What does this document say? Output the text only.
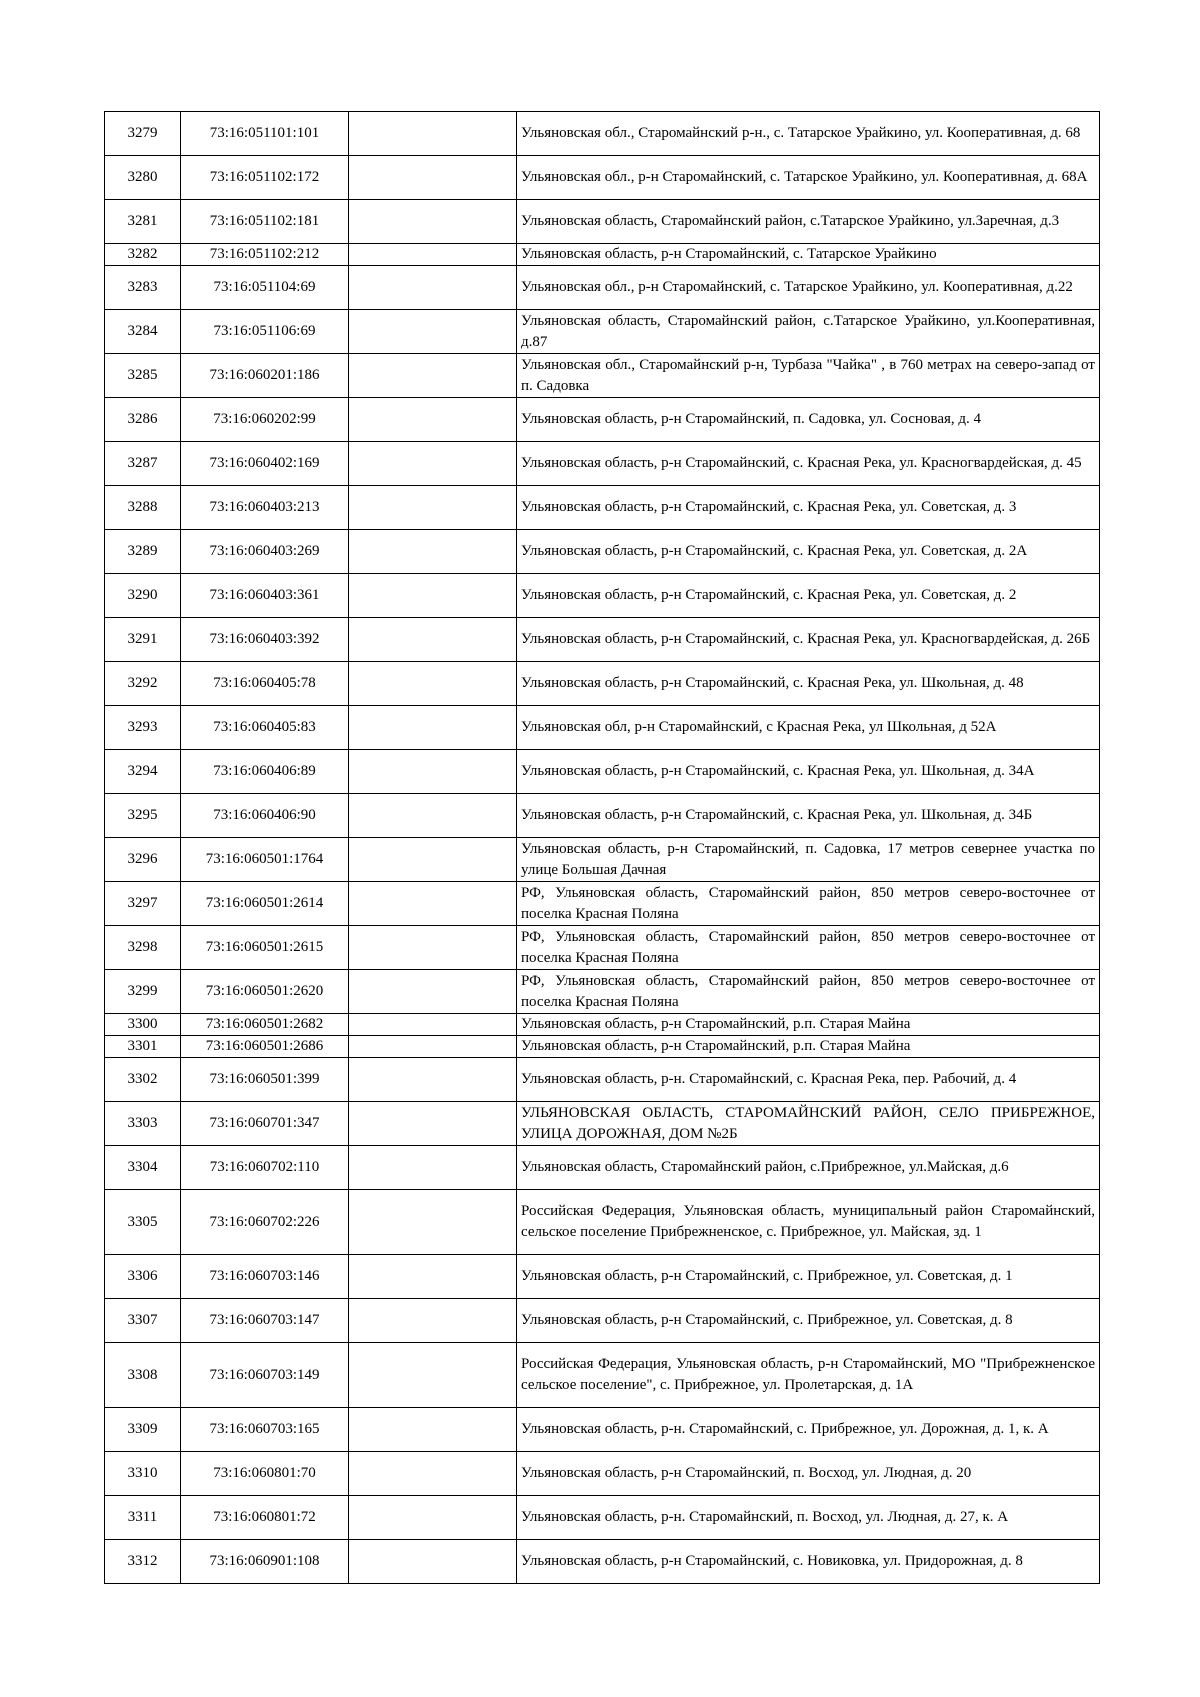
3279	73:16:051101:101		Ульяновская обл., Старомайнский р-н., с. Татарское Урайкино, ул. Кооперативная, д. 68
3280	73:16:051102:172		Ульяновская обл., р-н Старомайнский, с. Татарское Урайкино, ул. Кооперативная, д. 68А
3281	73:16:051102:181		Ульяновская область, Старомайнский район, с.Татарское Урайкино, ул.Заречная, д.3
3282	73:16:051102:212		Ульяновская область, р-н Старомайнский, с. Татарское Урайкино
3283	73:16:051104:69		Ульяновская обл., р-н Старомайнский, с. Татарское Урайкино, ул. Кооперативная, д.22
3284	73:16:051106:69		Ульяновская область, Старомайнский район, с.Татарское Урайкино, ул.Кооперативная, д.87
3285	73:16:060201:186		Ульяновская обл., Старомайнский р-н, Турбаза "Чайка" , в 760 метрах на северо-запад от п. Садовка
3286	73:16:060202:99		Ульяновская область, р-н Старомайнский, п. Садовка, ул. Сосновая, д. 4
3287	73:16:060402:169		Ульяновская область, р-н Старомайнский, с. Красная Река, ул. Красногвардейская, д. 45
3288	73:16:060403:213		Ульяновская область, р-н Старомайнский, с. Красная Река, ул. Советская, д. 3
3289	73:16:060403:269		Ульяновская область, р-н Старомайнский, с. Красная Река, ул. Советская, д. 2А
3290	73:16:060403:361		Ульяновская область, р-н Старомайнский, с. Красная Река, ул. Советская, д. 2
3291	73:16:060403:392		Ульяновская область, р-н Старомайнский, с. Красная Река, ул. Красногвардейская, д. 26Б
3292	73:16:060405:78		Ульяновская область, р-н Старомайнский, с. Красная Река, ул. Школьная, д. 48
3293	73:16:060405:83		Ульяновская обл, р-н Старомайнский, с Красная Река, ул Школьная, д 52А
3294	73:16:060406:89		Ульяновская область, р-н Старомайнский, с. Красная Река, ул. Школьная, д. 34А
3295	73:16:060406:90		Ульяновская область, р-н Старомайнский, с. Красная Река, ул. Школьная, д. 34Б
3296	73:16:060501:1764		Ульяновская область, р-н Старомайнский, п. Садовка, 17 метров севернее участка по улице Большая Дачная
3297	73:16:060501:2614		РФ, Ульяновская область, Старомайнский район, 850 метров северо-восточнее от поселка Красная Поляна
3298	73:16:060501:2615		РФ, Ульяновская область, Старомайнский район, 850 метров северо-восточнее от поселка Красная Поляна
3299	73:16:060501:2620		РФ, Ульяновская область, Старомайнский район, 850 метров северо-восточнее от поселка Красная Поляна
3300	73:16:060501:2682		Ульяновская область, р-н Старомайнский, р.п. Старая Майна
3301	73:16:060501:2686		Ульяновская область, р-н Старомайнский, р.п. Старая Майна
3302	73:16:060501:399		Ульяновская область, р-н. Старомайнский, с. Красная Река, пер. Рабочий, д. 4
3303	73:16:060701:347		УЛЬЯНОВСКАЯ ОБЛАСТЬ, СТАРОМАЙНСКИЙ РАЙОН, СЕЛО ПРИБРЕЖНОЕ, УЛИЦА ДОРОЖНАЯ, ДОМ №2Б
3304	73:16:060702:110		Ульяновская область, Старомайнский район, с.Прибрежное, ул.Майская, д.6
3305	73:16:060702:226		Российская Федерация, Ульяновская область, муниципальный район Старомайнский, сельское поселение Прибрежненское, с. Прибрежное, ул. Майская, зд. 1
3306	73:16:060703:146		Ульяновская область, р-н Старомайнский, с. Прибрежное, ул. Советская, д. 1
3307	73:16:060703:147		Ульяновская область, р-н Старомайнский, с. Прибрежное, ул. Советская, д. 8
3308	73:16:060703:149		Российская Федерация, Ульяновская область, р-н Старомайнский, МО "Прибрежненское сельское поселение", с. Прибрежное, ул. Пролетарская, д. 1А
3309	73:16:060703:165		Ульяновская область, р-н. Старомайнский, с. Прибрежное, ул. Дорожная, д. 1, к. А
3310	73:16:060801:70		Ульяновская область, р-н Старомайнский, п. Восход, ул. Людная, д. 20
3311	73:16:060801:72		Ульяновская область, р-н. Старомайнский, п. Восход, ул. Людная, д. 27, к. А
3312	73:16:060901:108		Ульяновская область, р-н Старомайнский, с. Новиковка, ул. Придорожная, д. 8
